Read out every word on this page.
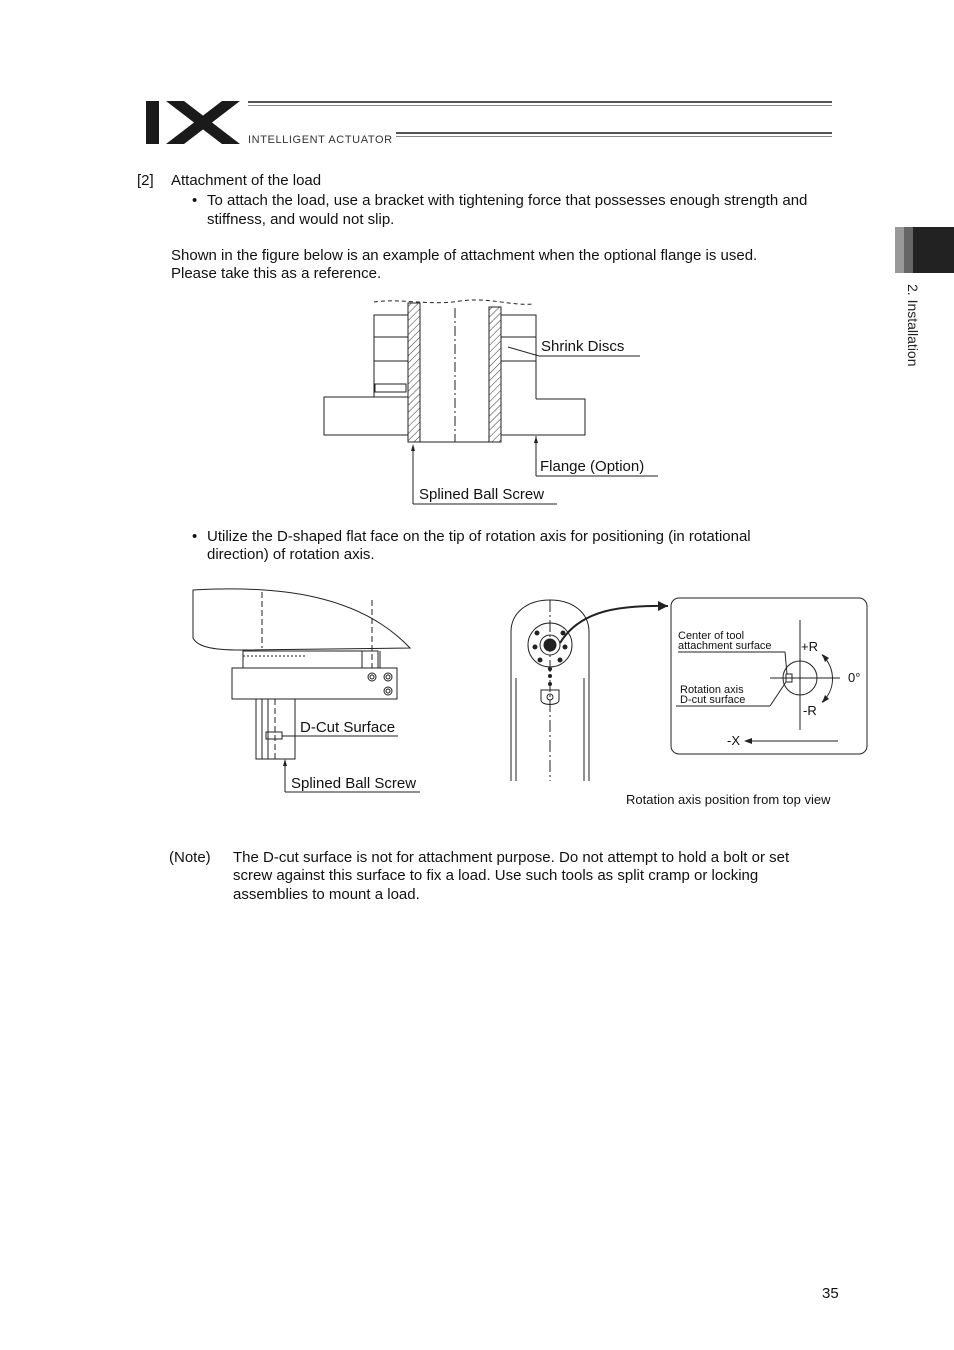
INTELLIGENT ACTUATOR
2. Installation
[2] Attachment of the load
• To attach the load, use a bracket with tightening force that possesses enough strength and stiffness, and would not slip.
Shown in the figure below is an example of attachment when the optional flange is used.
Please take this as a reference.
Shrink Discs
Flange (Option)
Splined Ball Screw
• Utilize the D-shaped flat face on the tip of rotation axis for positioning (in rotational
direction) of rotation axis.
D-Cut Surface
Splined Ball Screw
Center of tool
attachment surface
Rotation axis
D-cut surface
+R
-R
0°
-X
Rotation axis position from top view
(Note) The D-cut surface is not for attachment purpose. Do not attempt to hold a bolt or set
screw against this surface to fix a load. Use such tools as split cramp or locking
assemblies to mount a load.
35
